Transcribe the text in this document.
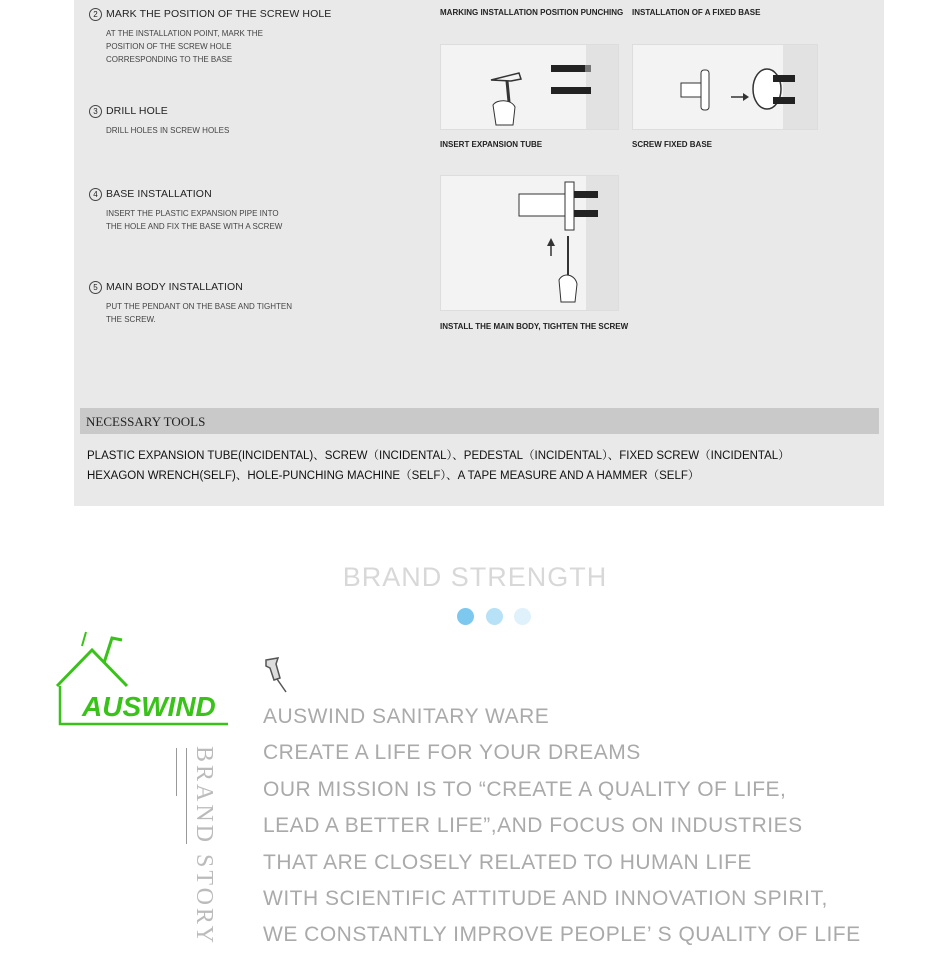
2 MARK THE POSITION OF THE SCREW HOLE
AT THE INSTALLATION POINT, MARK THE POSITION OF THE SCREW HOLE CORRESPONDING TO THE BASE
3 DRILL HOLE
DRILL HOLES IN SCREW HOLES
4 BASE INSTALLATION
INSERT THE PLASTIC EXPANSION PIPE INTO THE HOLE AND FIX THE BASE WITH A SCREW
5 MAIN BODY INSTALLATION
PUT THE PENDANT ON THE BASE AND TIGHTEN THE SCREW.
MARKING INSTALLATION POSITION PUNCHING INSTALLATION OF A FIXED BASE
INSERT EXPANSION TUBE	SCREW FIXED BASE
INSTALL THE MAIN BODY, TIGHTEN THE SCREW
NECESSARY TOOLS
PLASTIC EXPANSION TUBE(INCIDENTAL)、SCREW（INCIDENTAL）、PEDESTAL（INCIDENTAL）、FIXED SCREW（INCIDENTAL）
HEXAGON WRENCH(SELF)、HOLE-PUNCHING MACHINE（SELF）、A TAPE MEASURE AND A HAMMER（SELF）
BRAND STRENGTH
AUSWIND
BRAND STORY
AUSWIND SANITARY WARE
CREATE A LIFE FOR YOUR DREAMS
OUR MISSION IS TO “CREATE A QUALITY OF LIFE,
LEAD A BETTER LIFE”,AND FOCUS ON INDUSTRIES
THAT ARE CLOSELY RELATED TO HUMAN LIFE
WITH SCIENTIFIC ATTITUDE AND INNOVATION SPIRIT,
WE CONSTANTLY IMPROVE PEOPLE’ S QUALITY OF LIFE
